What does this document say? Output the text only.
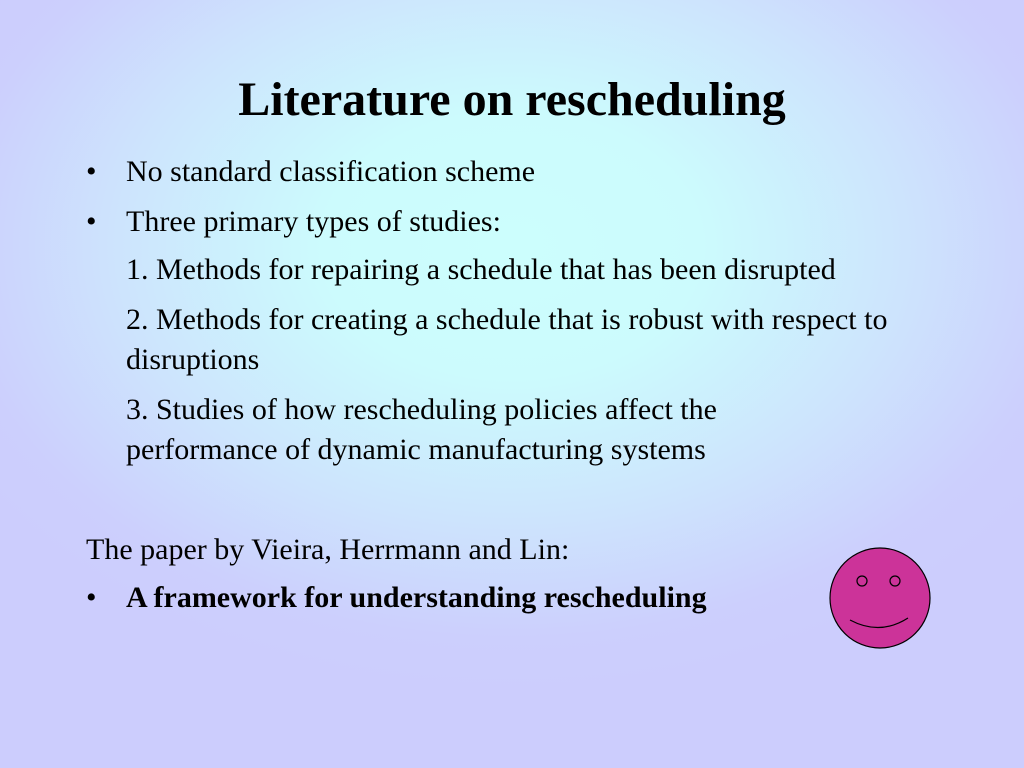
Literature on rescheduling
• No standard classification scheme
• Three primary types of studies:
1. Methods for repairing a schedule that has been disrupted
2. Methods for creating a schedule that is robust with respect to disruptions
3. Studies of how rescheduling policies affect the performance of dynamic manufacturing systems
The paper by Vieira, Herrmann and Lin:
• A framework for understanding rescheduling
